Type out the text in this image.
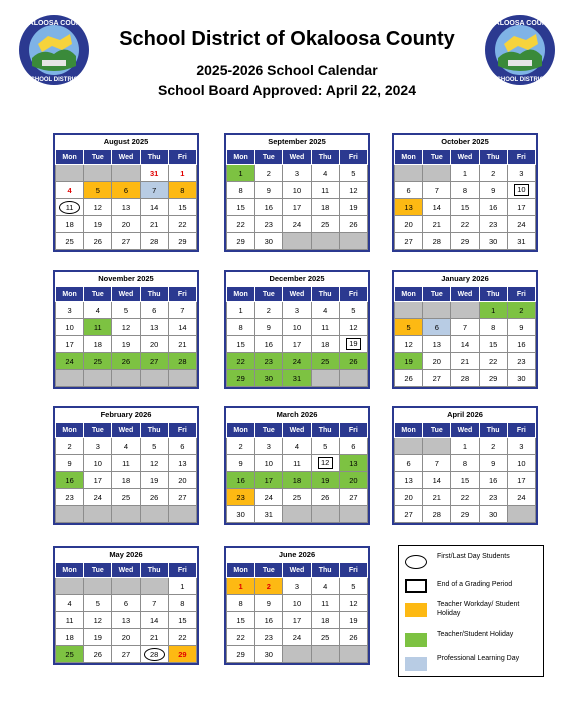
OKALOOSA COUNTY
SCHOOL DISTRICT
OKALOOSA COUNTY
SCHOOL DISTRICT
School District of Okaloosa County
2025-2026 School Calendar
School Board Approved: April 22, 2024
August 2025
Mon	Tue	Wed	Thu	Fri
			31	1
4	5	6	7	8
11	12	13	14	15
18	19	20	21	22
25	26	27	28	29
September 2025
Mon	Tue	Wed	Thu	Fri
1	2	3	4	5
8	9	10	11	12
15	16	17	18	19
22	23	24	25	26
29	30			
October 2025
Mon	Tue	Wed	Thu	Fri
		1	2	3
6	7	8	9	10
13	14	15	16	17
20	21	22	23	24
27	28	29	30	31
November 2025
Mon	Tue	Wed	Thu	Fri
3	4	5	6	7
10	11	12	13	14
17	18	19	20	21
24	25	26	27	28

December 2025
Mon	Tue	Wed	Thu	Fri
1	2	3	4	5
8	9	10	11	12
15	16	17	18	19
22	23	24	25	26
29	30	31		
January 2026
Mon	Tue	Wed	Thu	Fri
			1	2
5	6	7	8	9
12	13	14	15	16
19	20	21	22	23
26	27	28	29	30
February 2026
Mon	Tue	Wed	Thu	Fri
2	3	4	5	6
9	10	11	12	13
16	17	18	19	20
23	24	25	26	27

March 2026
Mon	Tue	Wed	Thu	Fri
2	3	4	5	6
9	10	11	12	13
16	17	18	19	20
23	24	25	26	27
30	31			
April 2026
Mon	Tue	Wed	Thu	Fri
		1	2	3
6	7	8	9	10
13	14	15	16	17
20	21	22	23	24
27	28	29	30	
May 2026
Mon	Tue	Wed	Thu	Fri
				1
4	5	6	7	8
11	12	13	14	15
18	19	20	21	22
25	26	27	28	29
June 2026
Mon	Tue	Wed	Thu	Fri
1	2	3	4	5
8	9	10	11	12
15	16	17	18	19
22	23	24	25	26
29	30			
First/Last Day Students
End of a Grading Period
Teacher Workday/ Student Holiday
Teacher/Student Holiday
Professional Learning Day
